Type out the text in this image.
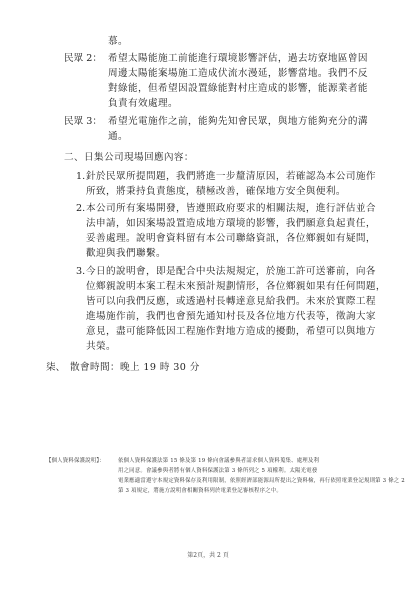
慕。
民眾 2： 希望太陽能施工前能進行環境影響評估，過去坊寮地區曾因
周邊太陽能案場施工造成伏流水漫延，影響當地。我們不反
對綠能，但希望因設置綠能對村庄造成的影響，能源業者能
負責有效處理。
民眾 3： 希望光電施作之前，能夠先知會民眾，與地方能夠充分的溝
通。
二、日集公司現場回應內容：
1. 針於民眾所提問題，我們將進一步釐清原因，若確認為本公司施作
所致，將秉持負責態度，積極改善，確保地方安全與便利。
2. 本公司所有案場開發，皆遵照政府要求的相關法規，進行評估並合
法申請，如因案場設置造成地方環境的影響，我們願意負起責任，
妥善處理。說明會資料留有本公司聯絡資訊，各位鄉親如有疑問，
歡迎與我們聯繫。
3. 今日的說明會，即是配合中央法規規定，於施工許可送審前，向各
位鄉親說明本案工程未來預計規劃情形，各位鄉親如果有任何問題，
皆可以向我們反應，或透過村長轉達意見給我們。未來於實際工程
進場施作前，我們也會預先通知村長及各位地方代表等，徵詢大家
意見，盡可能降低因工程施作對地方造成的擾動，希望可以與地方
共榮。
柒、 散會時間：晚上 19 時 30 分
【個人資料保護說明】： 依個人資料保護法第 15 條及第 19 條向會議參與者請求個人資料蒐集、處理及利
用之同意。會議參與者將有個人資料保護法第 3 條所列之 5 項權利。太陽光電發
電業應適當遵守本規定資料保存及利用限制，依照經濟部能源局所提出之資料檢，再行依照電業登記規則第 3 條之 2
第 3 項規定，將施方說明會相關資料列於電業登記審核程序之中。
第2頁，共 2 頁
